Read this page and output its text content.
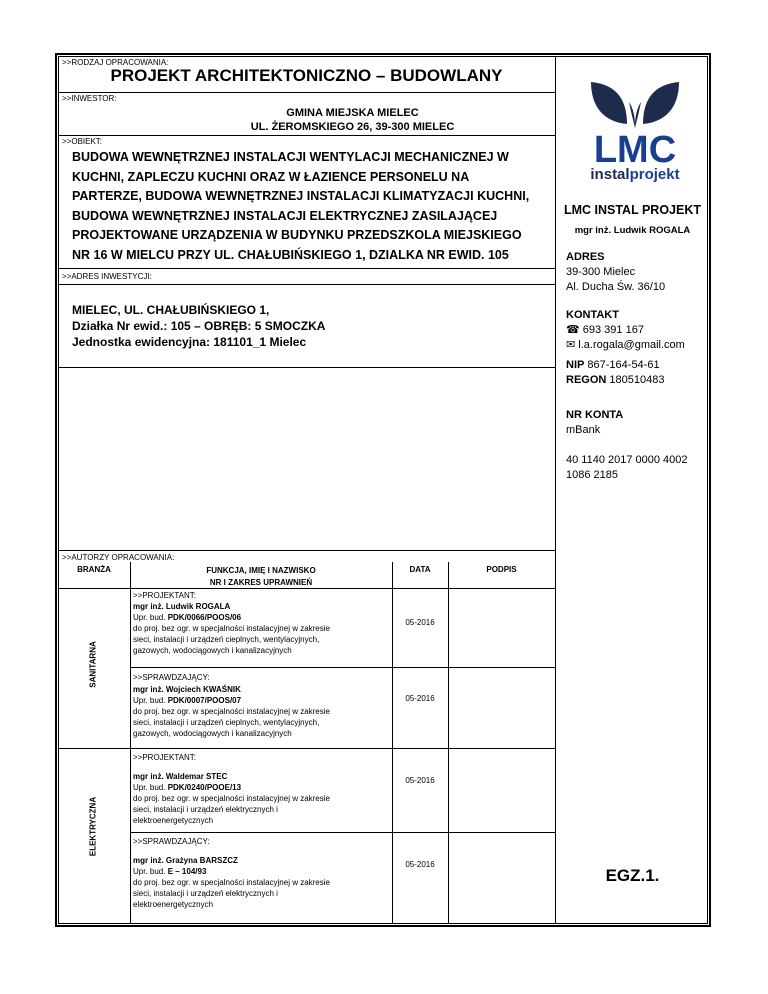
>>RODZAJ OPRACOWANIA:
PROJEKT ARCHITEKTONICZNO – BUDOWLANY
>>INWESTOR:
GMINA MIEJSKA MIELEC
UL. ŻEROMSKIEGO 26, 39-300 MIELEC
>>OBIEKT:
BUDOWA WEWNĘTRZNEJ INSTALACJI WENTYLACJI MECHANICZNEJ W
KUCHNI, ZAPLECZU KUCHNI ORAZ W ŁAZIENCE PERSONELU NA
PARTERZE, BUDOWA WEWNĘTRZNEJ INSTALACJI KLIMATYZACJI KUCHNI,
BUDOWA WEWNĘTRZNEJ INSTALACJI ELEKTRYCZNEJ ZASILAJĄCEJ
PROJEKTOWANE URZĄDZENIA W BUDYNKU PRZEDSZKOLA MIEJSKIEGO
NR 16 W MIELCU PRZY UL. CHAŁUBIŃSKIEGO 1, DZIALKA NR EWID. 105
>>ADRES INWESTYCJI:
MIELEC, UL. CHAŁUBIŃSKIEGO 1,
Działka Nr ewid.: 105 – OBRĘB: 5 SMOCZKA
Jednostka ewidencyjna: 181101_1 Mielec
>>AUTORZY OPRACOWANIA:
BRANŻA	FUNKCJA, IMIĘ I NAZWISKO
NR I ZAKRES UPRAWNIEŃ
DATA	PODPIS
SANITARNA
ELEKTRYCZNA
>>PROJEKTANT:
mgr inż. Ludwik ROGALA
Upr. bud. PDK/0066/POOS/06
do proj. bez ogr. w specjalności instalacyjnej w zakresie
sieci, instalacji i urządzeń cieplnych, wentylacyjnych,
gazowych, wodociągowych i kanalizacyjnych
05-2016
>>SPRAWDZAJĄCY:
mgr inż. Wojciech KWAŚNIK
Upr. bud. PDK/0007/POOS/07
do proj. bez ogr. w specjalności instalacyjnej w zakresie
sieci, instalacji i urządzeń cieplnych, wentylacyjnych,
gazowych, wodociągowych i kanalizacyjnych
05-2016
>>PROJEKTANT:
mgr inż. Waldemar STEC
Upr. bud. PDK/0240/POOE/13
do proj. bez ogr. w specjalności instalacyjnej w zakresie
sieci, instalacji i urządzeń elektrycznych i
elektroenergetycznych
05-2016
>>SPRAWDZAJĄCY:
mgr inż. Grażyna BARSZCZ
Upr. bud. E – 104/93
do proj. bez ogr. w specjalności instalacyjnej w zakresie
sieci, instalacji i urządzeń elektrycznych i
elektroenergetycznych
05-2016
LMC
instalprojekt
LMC INSTAL PROJEKT
mgr inż. Ludwik ROGALA
ADRES
39-300 Mielec
Al. Ducha Św. 36/10
KONTAKT
☎ 693 391 167
✉ l.a.rogala@gmail.com
NIP 867-164-54-61
REGON 180510483
NR KONTA
mBank
40 1140 2017 0000 4002
1086 2185
EGZ.1.
